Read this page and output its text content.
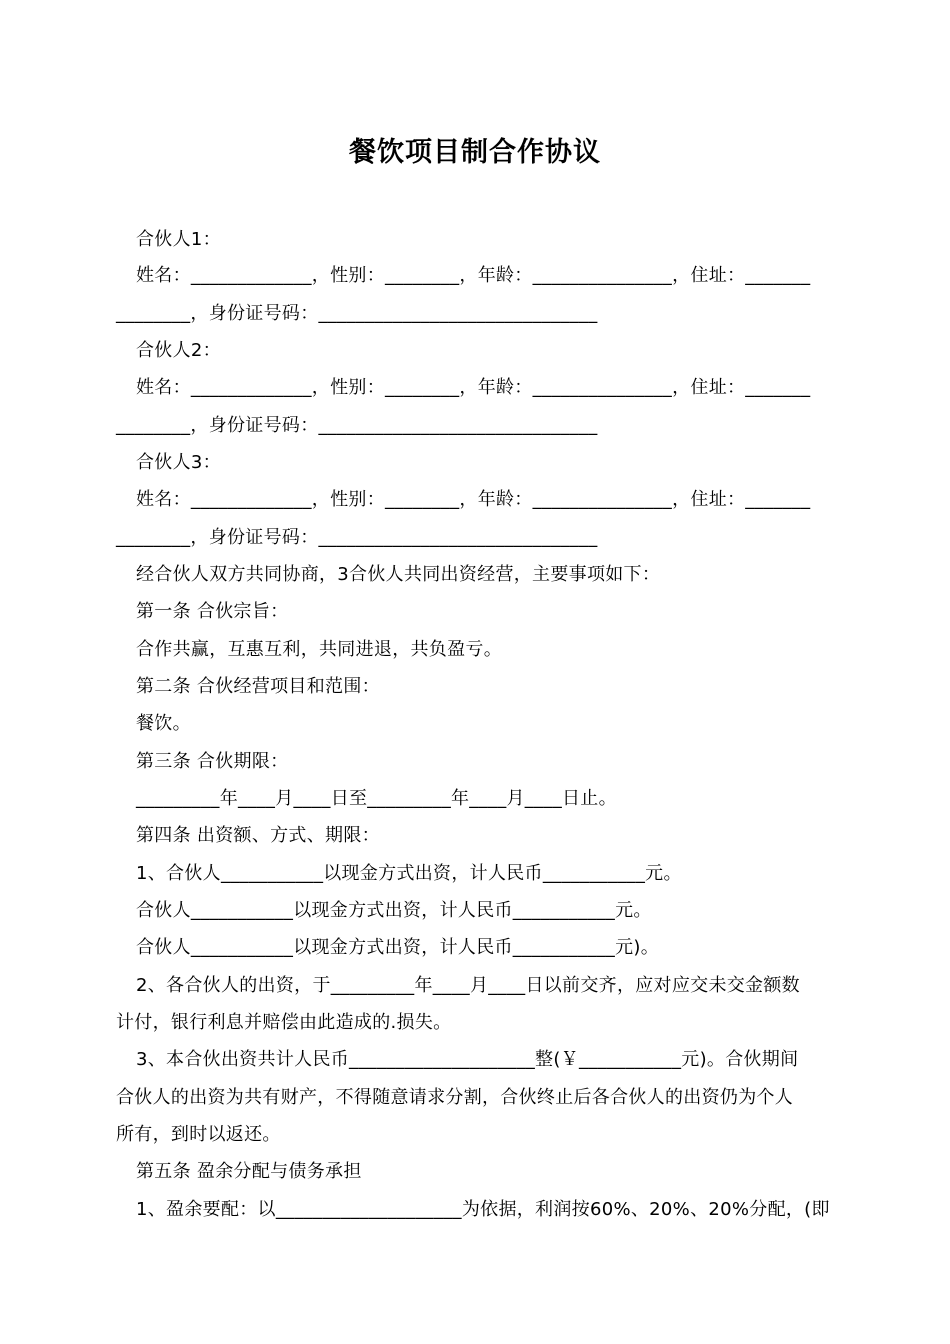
餐饮项目制合作协议
合伙人1：
姓名：_____________，性别：________，年龄：_______________，住址：_______
________，身份证号码：______________________________
合伙人2：
姓名：_____________，性别：________，年龄：_______________，住址：_______
________，身份证号码：______________________________
合伙人3：
姓名：_____________，性别：________，年龄：_______________，住址：_______
________，身份证号码：______________________________
经合伙人双方共同协商，3合伙人共同出资经营，主要事项如下：
第一条 合伙宗旨：
合作共赢，互惠互利，共同进退，共负盈亏。
第二条 合伙经营项目和范围：
餐饮。
第三条 合伙期限：
_________年____月____日至_________年____月____日止。
第四条 出资额、方式、期限：
1、合伙人___________以现金方式出资，计人民币___________元。
合伙人___________以现金方式出资，计人民币___________元。
合伙人___________以现金方式出资，计人民币___________元)。
2、各合伙人的出资，于_________年____月____日以前交齐，应对应交未交金额数
计付，银行利息并赔偿由此造成的.损失。
3、本合伙出资共计人民币____________________整(￥___________元)。合伙期间
合伙人的出资为共有财产，不得随意请求分割，合伙终止后各合伙人的出资仍为个人
所有，到时以返还。
第五条 盈余分配与债务承担
1、盈余要配：以____________________为依据，利润按60%、20%、20%分配，(即
